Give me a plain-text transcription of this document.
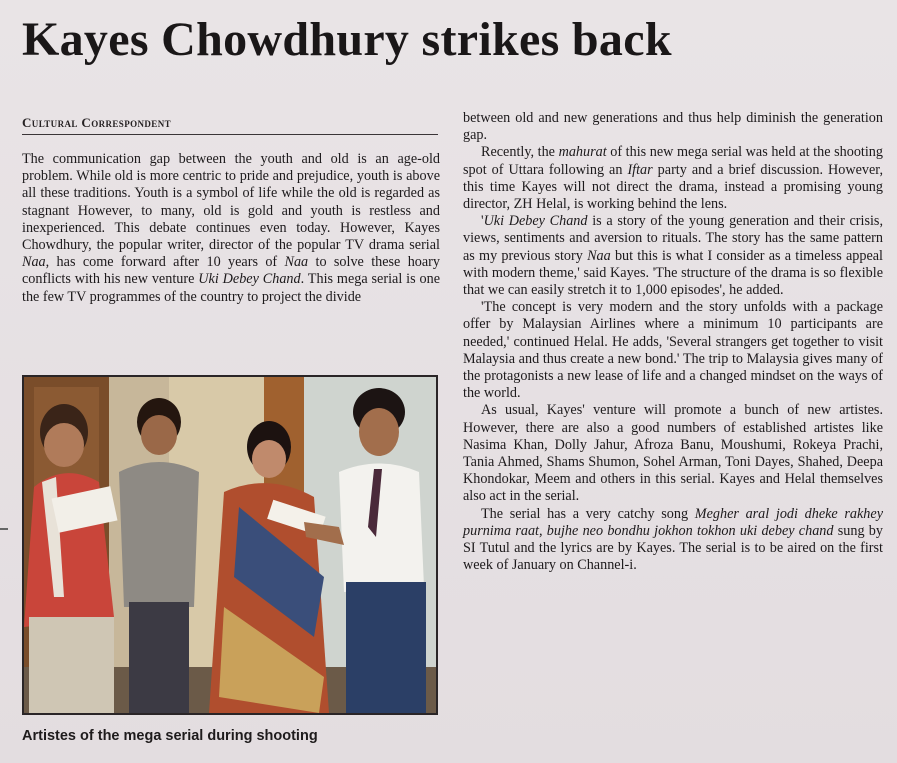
Kayes Chowdhury strikes back
Cultural Correspondent

The communication gap between the youth and old is an age-old problem. While old is more centric to pride and prejudice, youth is above all these traditions. Youth is a symbol of life while the old is regarded as stagnant However, to many, old is gold and youth is restless and inexperienced. This debate continues even today. However, Kayes Chowdhury, the popular writer, director of the popular TV drama serial Naa, has come forward after 10 years of Naa to solve these hoary conflicts with his new venture Uki Debey Chand. This mega serial is one the few TV programmes of the country to project the divide

Artistes of the mega serial during shooting

between old and new generations and thus help diminish the generation gap.

Recently, the mahurat of this new mega serial was held at the shooting spot of Uttara following an Iftar party and a brief discussion. However, this time Kayes will not direct the drama, instead a promising young director, ZH Helal, is working behind the lens.

'Uki Debey Chand is a story of the young generation and their crisis, views, sentiments and aversion to rituals. The story has the same pattern as my previous story Naa but this is what I consider as a timeless appeal with modern theme,' said Kayes. 'The structure of the drama is so flexible that we can easily stretch it to 1,000 episodes', he added.

'The concept is very modern and the story unfolds with a package offer by Malaysian Airlines where a minimum 10 participants are needed,' continued Helal. He adds, 'Several strangers get together to visit Malaysia and thus create a new bond.' The trip to Malaysia gives many of the protagonists a new lease of life and a changed mindset on the ways of the world.

As usual, Kayes' venture will promote a bunch of new artistes. However, there are also a good numbers of established artistes like Nasima Khan, Dolly Jahur, Afroza Banu, Moushumi, Rokeya Prachi, Tania Ahmed, Shams Shumon, Sohel Arman, Toni Dayes, Shahed, Deepa Khondokar, Meem and others in this serial. Kayes and Helal themselves also act in the serial.

The serial has a very catchy song Megher aral jodi dheke rakhey purnima raat, bujhe neo bondhu jokhon tokhon uki debey chand sung by SI Tutul and the lyrics are by Kayes. The serial is to be aired on the first week of January on Channel-i.
